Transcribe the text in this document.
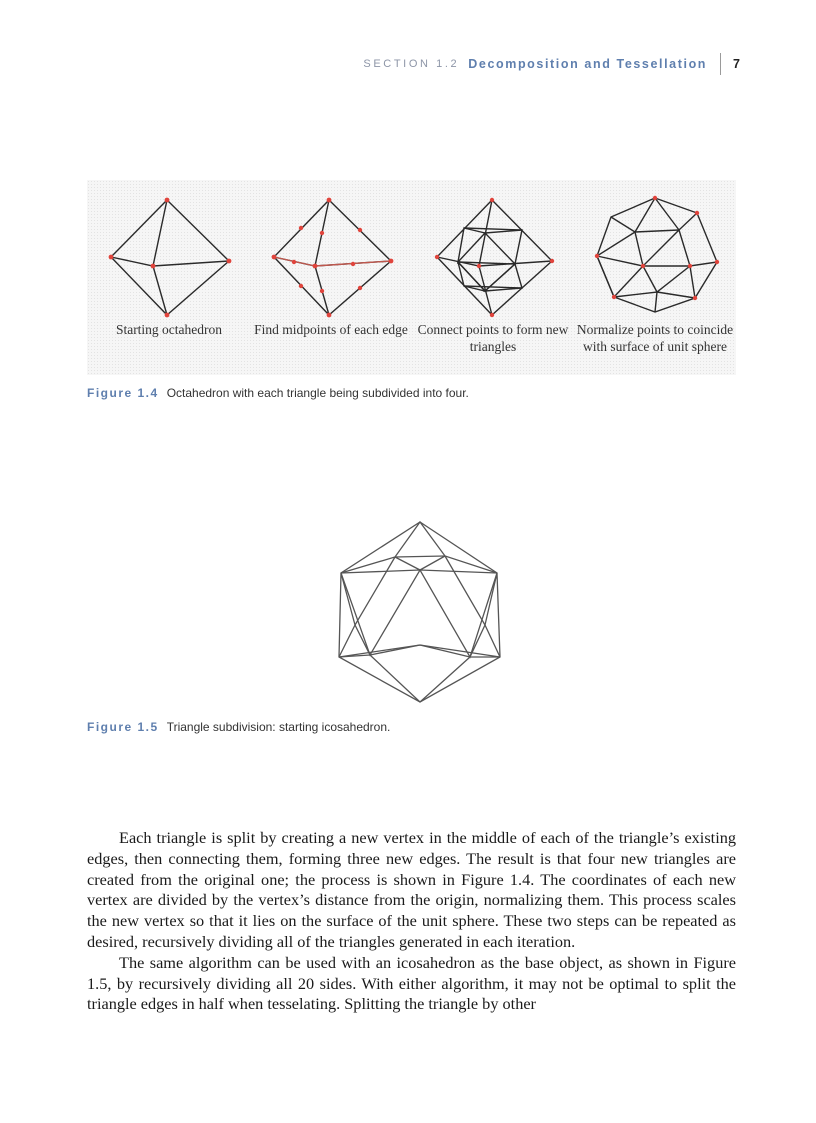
SECTION 1.2 Decomposition and Tessellation 7
Starting octahedron	Find midpoints of each edge Connect points to form new triangles
Normalize points to coincide with surface of unit sphere
Figure 1.4 Octahedron with each triangle being subdivided into four.
Figure 1.5 Triangle subdivision: starting icosahedron.

Each triangle is split by creating a new vertex in the middle of each of the triangle’s existing edges, then connecting them, forming three new edges. The result is that four new triangles are created from the original one; the process is shown in Figure 1.4. The coordinates of each new vertex are divided by the vertex’s distance from the origin, normalizing them. This process scales the new vertex so that it lies on the surface of the unit sphere. These two steps can be repeated as desired, recursively dividing all of the triangles generated in each iteration.

The same algorithm can be used with an icosahedron as the base object, as shown in Figure 1.5, by recursively dividing all 20 sides. With either algorithm, it may not be optimal to split the triangle edges in half when tesselating. Splitting the triangle by other
